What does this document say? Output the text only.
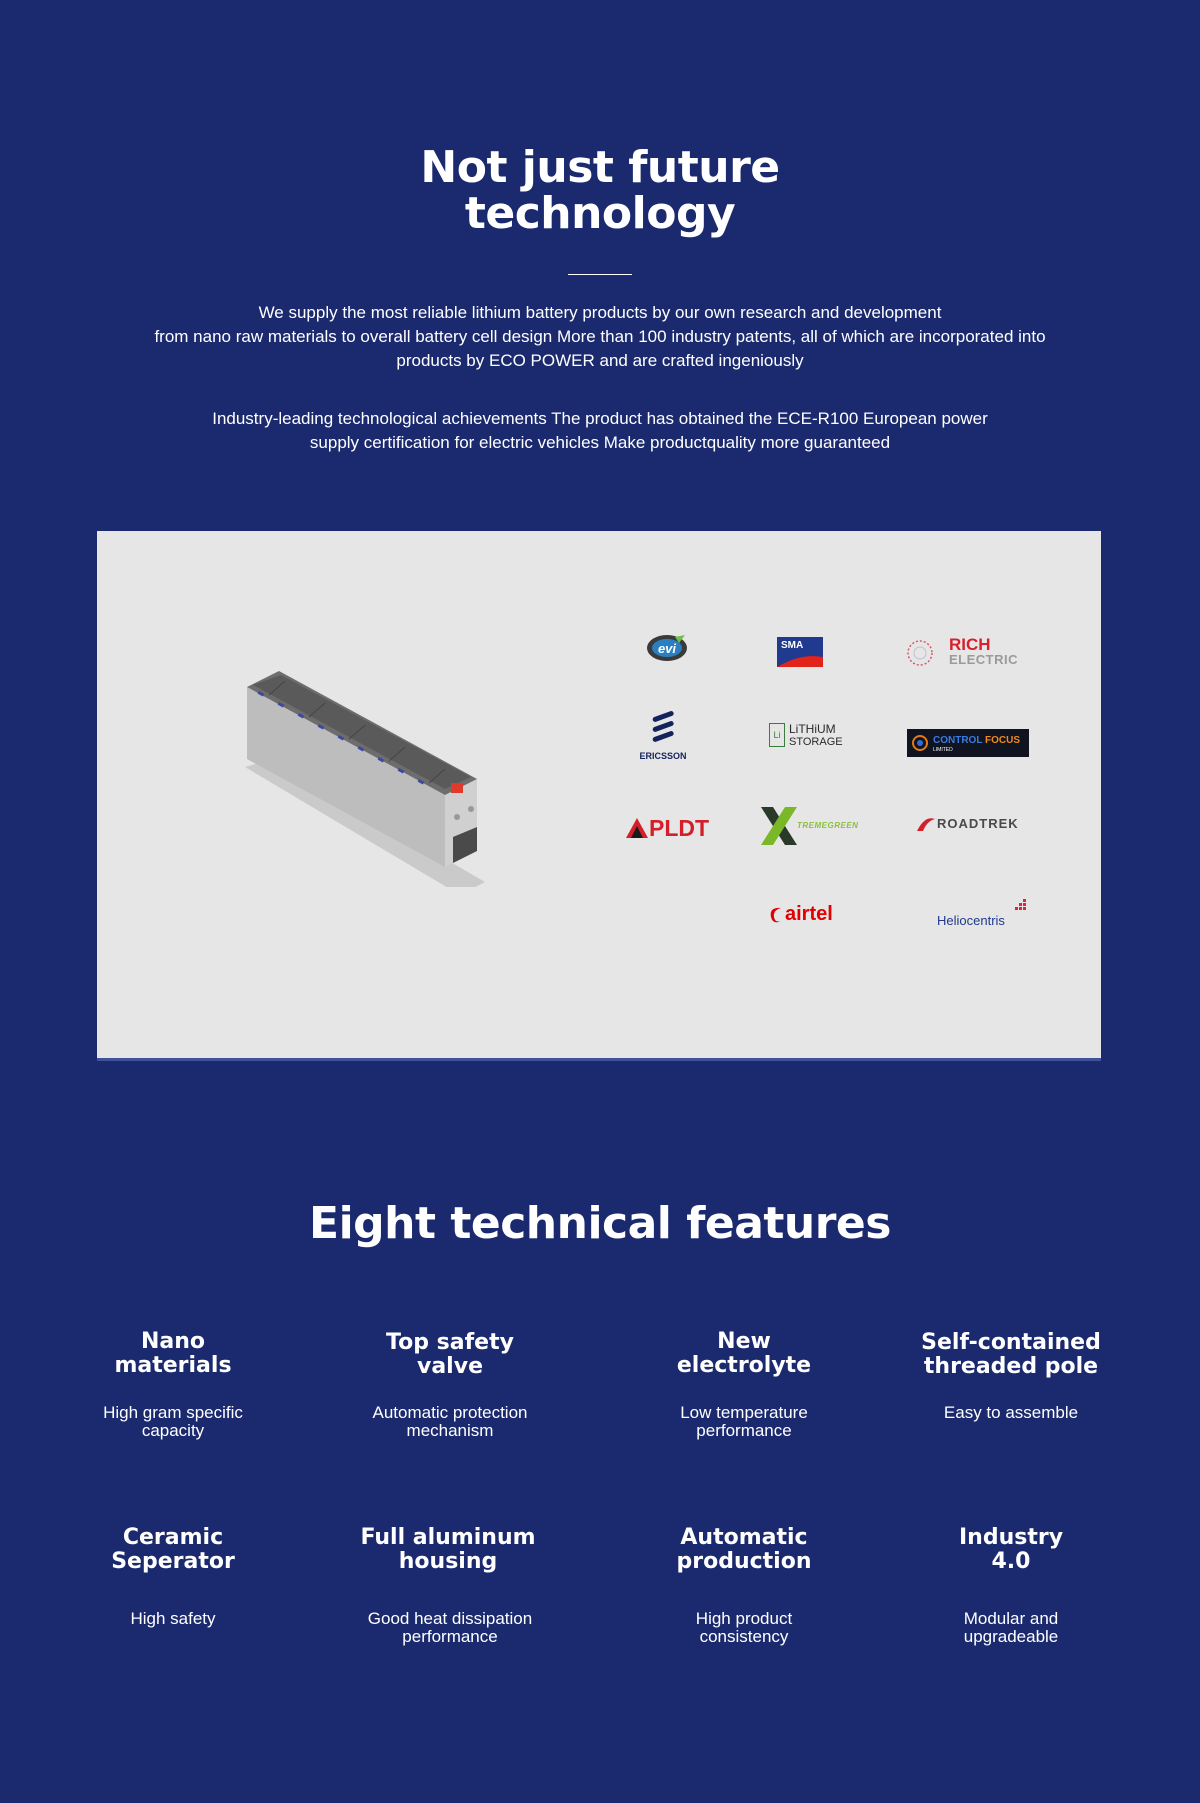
Not just future
technology
We supply the most reliable lithium battery products by our own research and development
from nano raw materials to overall battery cell design More than 100 industry patents, all of which are incorporated into
products by ECO POWER and are crafted ingeniously
Industry-leading technological achievements The product has obtained the ECE-R100 European power
supply certification for electric vehicles Make productquality more guaranteed
evi	SMA	RICH
ELECTRIC
ERICSSON
Li LiTHiUM
STORAGE	CONTROL FOCUS
LIMITED
PLDT	TREMEGREEN	ROADTREK
airtel	Heliocentris
Eight technical features
Nano
materials
High gram specific
capacity
Top safety
valve
Automatic protection
mechanism
New
electrolyte
Low temperature
performance
Self-contained
threaded pole
Easy to assemble
Ceramic
Seperator
High safety
Full aluminum
housing
Good heat dissipation
performance
Automatic
production
High product
consistency
Industry
4.0
Modular and
upgradeable
